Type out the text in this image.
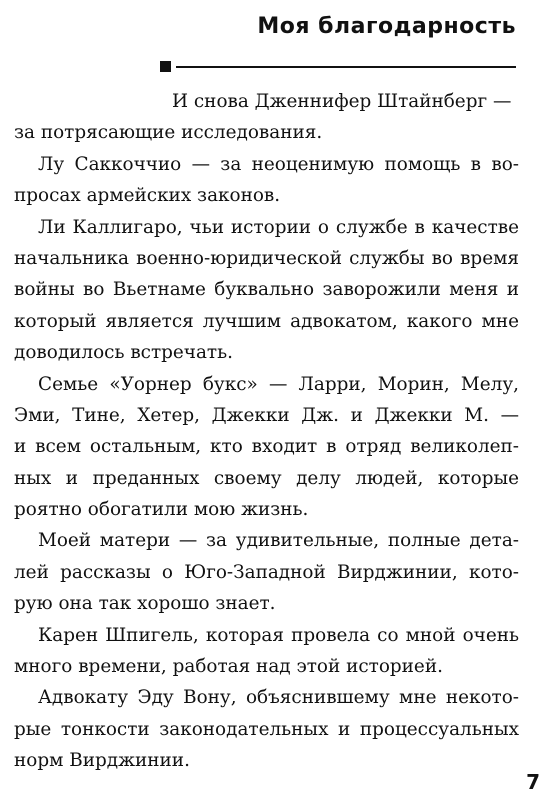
Моя благодарность
И снова Дженнифер Штайнберг —
за потрясающие исследования.
Лу Саккоччио — за неоценимую помощь в во-
просах армейских законов.
Ли Каллигаро, чьи истории о службе в качестве
начальника военно-юридической службы во время
войны во Вьетнаме буквально заворожили меня и
который является лучшим адвокатом, какого мне
доводилось встречать.
Семье «Уорнер букс» — Ларри, Морин, Мелу,
Эми, Тине, Хетер, Джекки Дж. и Джекки М. —
и всем остальным, кто входит в отряд великолеп-
ных и преданных своему делу людей, которые
роятно обогатили мою жизнь.
Моей матери — за удивительные, полные дета-
лей рассказы о Юго-Западной Вирджинии, кото-
рую она так хорошо знает.
Карен Шпигель, которая провела со мной очень
много времени, работая над этой историей.
Адвокату Эду Вону, объяснившему мне некото-
рые тонкости законодательных и процессуальных
норм Вирджинии.
7
